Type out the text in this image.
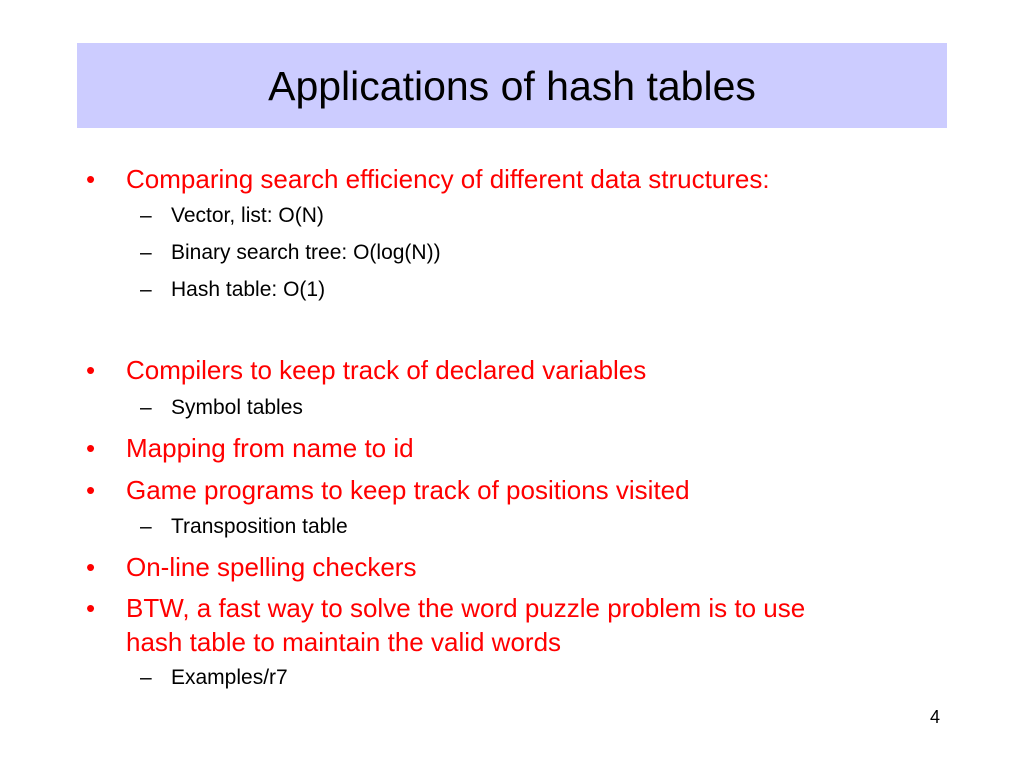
Applications of hash tables
• Comparing search efficiency of different data structures:
– Vector, list: O(N)
– Binary search tree: O(log(N))
– Hash table: O(1)
• Compilers to keep track of declared variables
– Symbol tables
• Mapping from name to id
• Game programs to keep track of positions visited
– Transposition table
• On-line spelling checkers
• BTW, a fast way to solve the word puzzle problem is to use
hash table to maintain the valid words
– Examples/r7
4
